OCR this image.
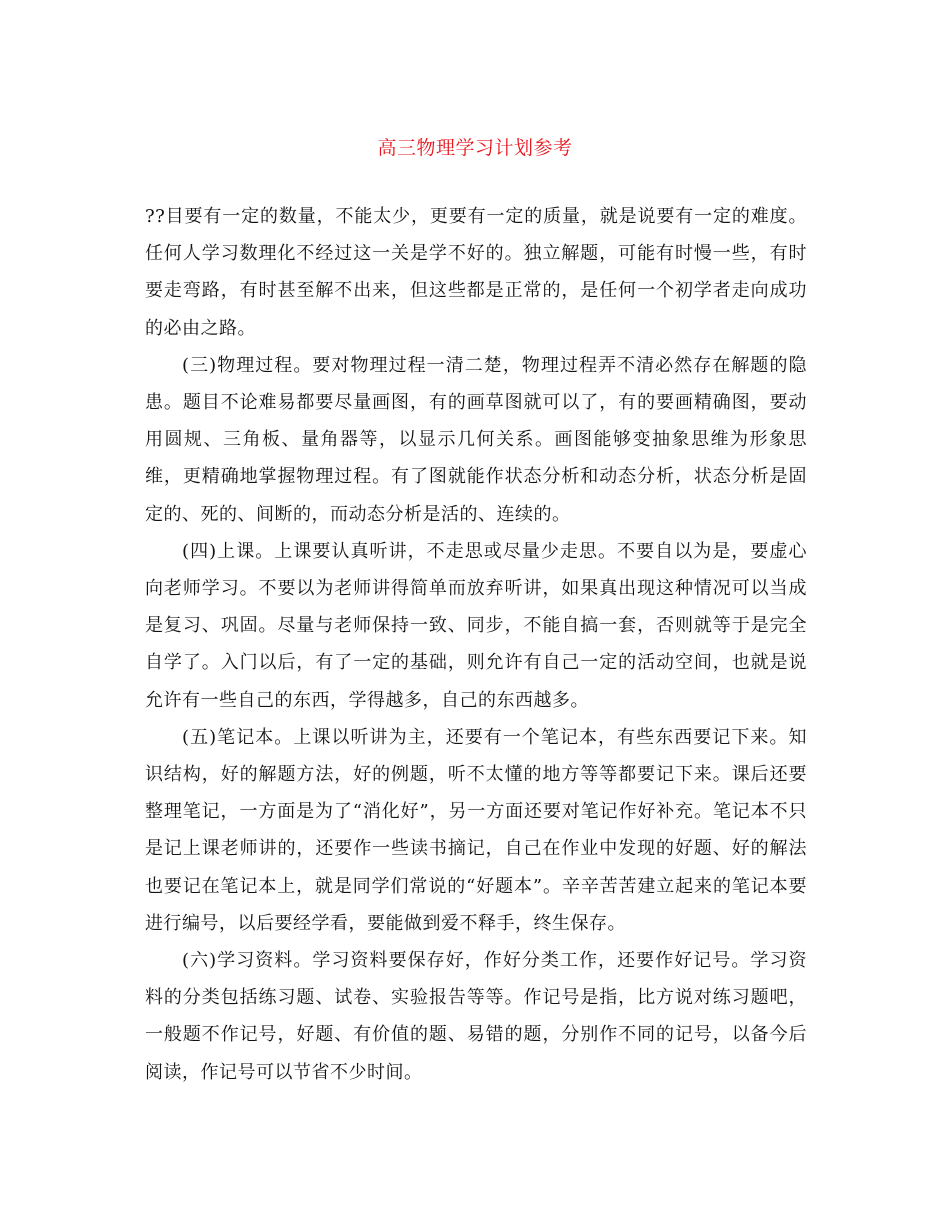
高三物理学习计划参考

??目要有一定的数量，不能太少，更要有一定的质量，就是说要有一定的难度。任何人学习数理化不经过这一关是学不好的。独立解题，可能有时慢一些，有时要走弯路，有时甚至解不出来，但这些都是正常的，是任何一个初学者走向成功的必由之路。

(三)物理过程。要对物理过程一清二楚，物理过程弄不清必然存在解题的隐患。题目不论难易都要尽量画图，有的画草图就可以了，有的要画精确图，要动用圆规、三角板、量角器等，以显示几何关系。画图能够变抽象思维为形象思维，更精确地掌握物理过程。有了图就能作状态分析和动态分析，状态分析是固定的、死的、间断的，而动态分析是活的、连续的。

(四)上课。上课要认真听讲，不走思或尽量少走思。不要自以为是，要虚心向老师学习。不要以为老师讲得简单而放弃听讲，如果真出现这种情况可以当成是复习、巩固。尽量与老师保持一致、同步，不能自搞一套，否则就等于是完全自学了。入门以后，有了一定的基础，则允许有自己一定的活动空间，也就是说允许有一些自己的东西，学得越多，自己的东西越多。

(五)笔记本。上课以听讲为主，还要有一个笔记本，有些东西要记下来。知识结构，好的解题方法，好的例题，听不太懂的地方等等都要记下来。课后还要整理笔记，一方面是为了“消化好”，另一方面还要对笔记作好补充。笔记本不只是记上课老师讲的，还要作一些读书摘记，自己在作业中发现的好题、好的解法也要记在笔记本上，就是同学们常说的“好题本”。辛辛苦苦建立起来的笔记本要进行编号，以后要经学看，要能做到爱不释手，终生保存。

(六)学习资料。学习资料要保存好，作好分类工作，还要作好记号。学习资料的分类包括练习题、试卷、实验报告等等。作记号是指，比方说对练习题吧，一般题不作记号，好题、有价值的题、易错的题，分别作不同的记号，以备今后阅读，作记号可以节省不少时间。
